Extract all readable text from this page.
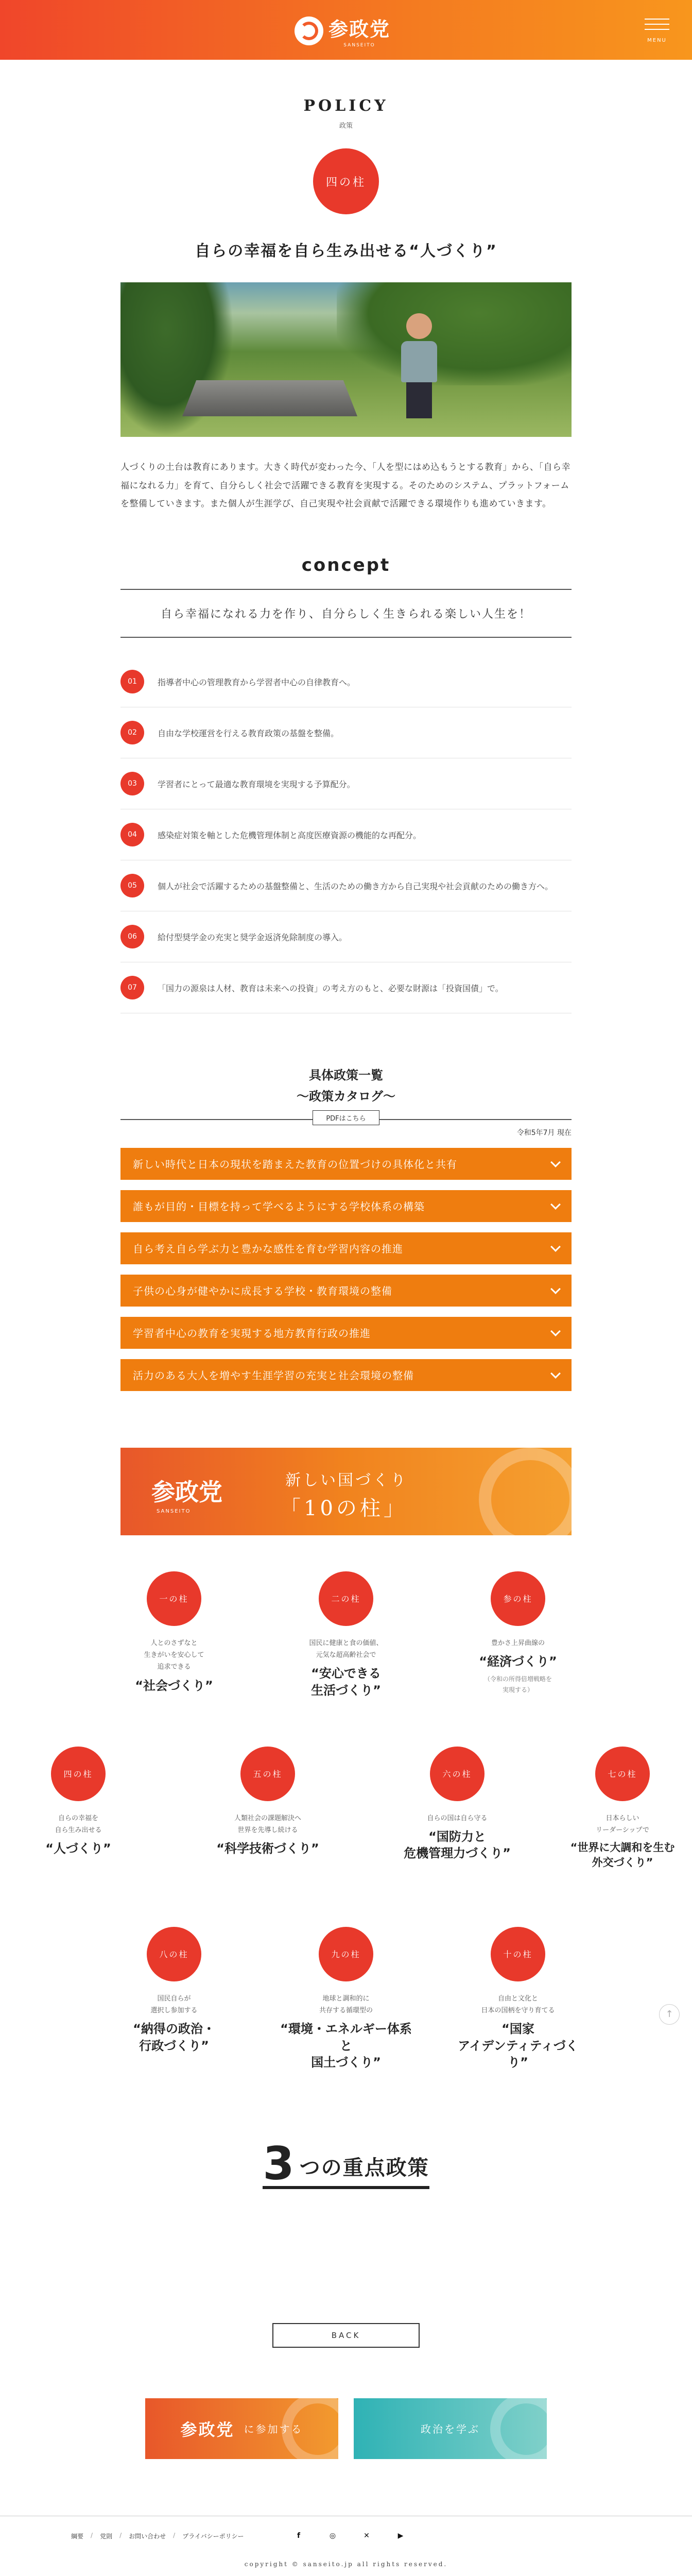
参政党
SANSEITO
MENU
POLICY
政策
四の柱
自らの幸福を自ら生み出せる“人づくり”

人づくりの土台は教育にあります。大きく時代が変わった今、「人を型にはめ込もうとする教育」から、「自ら幸福になれる力」を育て、自分らしく社会で活躍できる教育を実現する。そのためのシステム、プラットフォームを整備していきます。また個人が生涯学び、自己実現や社会貢献で活躍できる環境作りも進めていきます。

concept
自ら幸福になれる力を作り、自分らしく生きられる楽しい人生を！
01	指導者中心の管理教育から学習者中心の自律教育へ。
02	自由な学校運営を行える教育政策の基盤を整備。
03	学習者にとって最適な教育環境を実現する予算配分。
04	感染症対策を軸とした危機管理体制と高度医療資源の機能的な再配分。
05	個人が社会で活躍するための基盤整備と、生活のための働き方から自己実現や社会貢献のための働き方へ。
06	給付型奨学金の充実と奨学金返済免除制度の導入。
07	「国力の源泉は人材、教育は未来への投資」の考え方のもと、必要な財源は「投資国債」で。
具体政策一覧
〜政策カタログ〜
PDFはこちら
令和5年7月 現在
新しい時代と日本の現状を踏まえた教育の位置づけの具体化と共有
誰もが目的・目標を持って学べるようにする学校体系の構築
自ら考え自ら学ぶ力と豊かな感性を育む学習内容の推進
子供の心身が健やかに成長する学校・教育環境の整備
学習者中心の教育を実現する地方教育行政の推進
活力のある大人を増やす生涯学習の充実と社会環境の整備
参政党
SANSEITO
新しい国づくり
「10の柱」
一の柱
人とのさずなと
生きがいを安心して
追求できる
“社会づくり”
二の柱
国民に健康と食の価値、
元気な超高齢社会で
“安心できる
生活づくり”
参の柱
豊かさ上昇曲線の
“経済づくり”
（令和の所得倍増戦略を
実現する）
四の柱
自らの幸福を
自ら生み出せる
“人づくり”
五の柱
人類社会の課題解決へ
世界を先導し続ける
“科学技術づくり”
六の柱
自らの国は自ら守る
“国防力と
危機管理力づくり”
七の柱
日本らしい
リーダーシップで
“世界に大調和を生む
外交づくり”
八の柱
国民自らが
選択し参加する
“納得の政治・
行政づくり”
九の柱
地球と調和的に
共存する循環型の
“環境・エネルギー体系と
国土づくり”
十の柱
自由と文化と
日本の国柄を守り育てる
“国家
アイデンティティづくり”
↑
3 つの重点政策
BACK
参政党 に参加する	政治を学ぶ
綱要 / 党則 / お問い合わせ / プライバシーポリシー	f	◎	✕	▶
copyright © sanseito.jp all rights reserved.
